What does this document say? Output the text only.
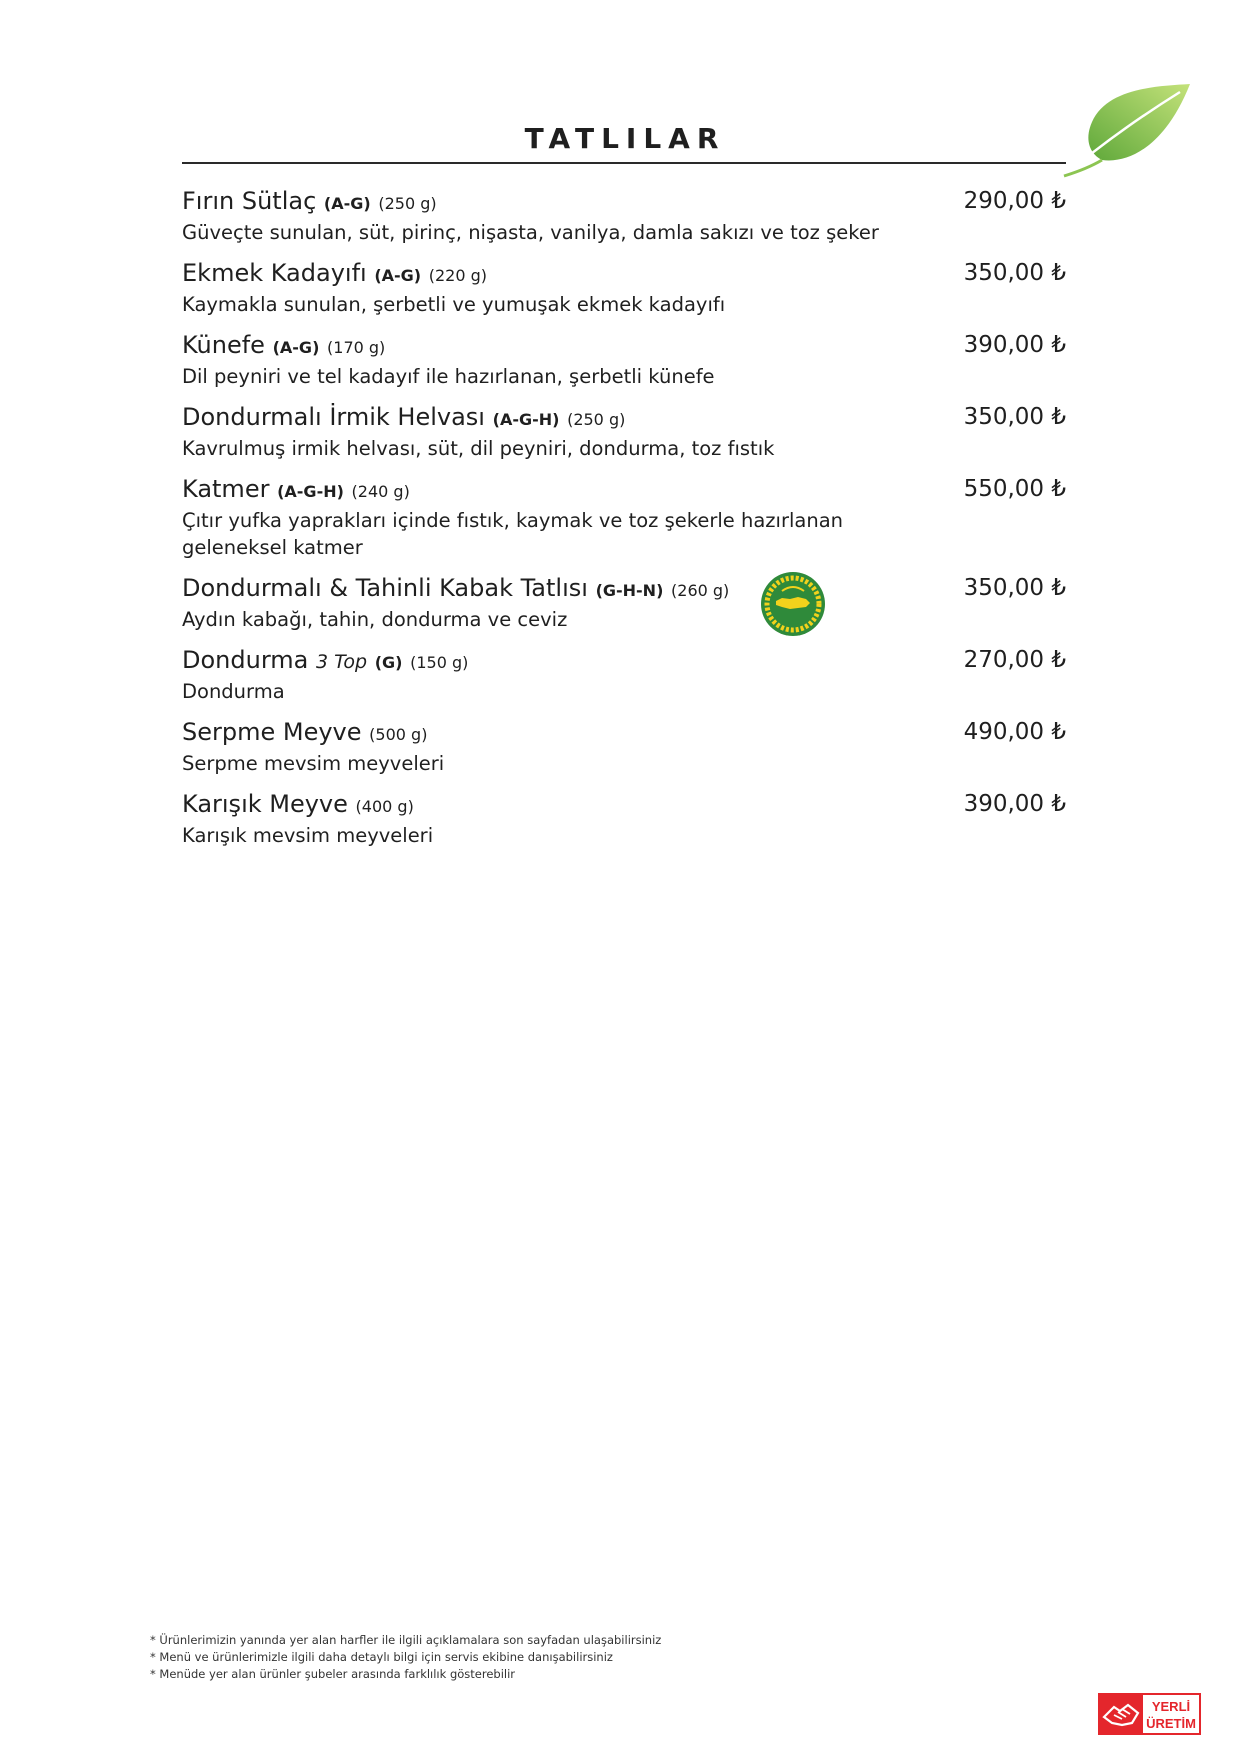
TATLILAR
Fırın Sütlaç (A-G) (250 g)	290,00 ₺
Güveçte sunulan, süt, pirinç, nişasta, vanilya, damla sakızı ve toz şeker
Ekmek Kadayıfı (A-G) (220 g)	350,00 ₺
Kaymakla sunulan, şerbetli ve yumuşak ekmek kadayıfı
Künefe (A-G) (170 g)	390,00 ₺
Dil peyniri ve tel kadayıf ile hazırlanan, şerbetli künefe
Dondurmalı İrmik Helvası (A-G-H) (250 g)	350,00 ₺
Kavrulmuş irmik helvası, süt, dil peyniri, dondurma, toz fıstık
Katmer (A-G-H) (240 g)	550,00 ₺
Çıtır yufka yaprakları içinde fıstık, kaymak ve toz şekerle hazırlanan geleneksel katmer
Dondurmalı & Tahinli Kabak Tatlısı (G-H-N) (260 g)	350,00 ₺
Aydın kabağı, tahin, dondurma ve ceviz
Dondurma 3 Top (G) (150 g)	270,00 ₺
Dondurma
Serpme Meyve (500 g)	490,00 ₺
Serpme mevsim meyveleri
Karışık Meyve (400 g)	390,00 ₺
Karışık mevsim meyveleri
* Ürünlerimizin yanında yer alan harfler ile ilgili açıklamalara son sayfadan ulaşabilirsiniz
* Menü ve ürünlerimizle ilgili daha detaylı bilgi için servis ekibine danışabilirsiniz
* Menüde yer alan ürünler şubeler arasında farklılık gösterebilir
YERLİ
ÜRETİM
